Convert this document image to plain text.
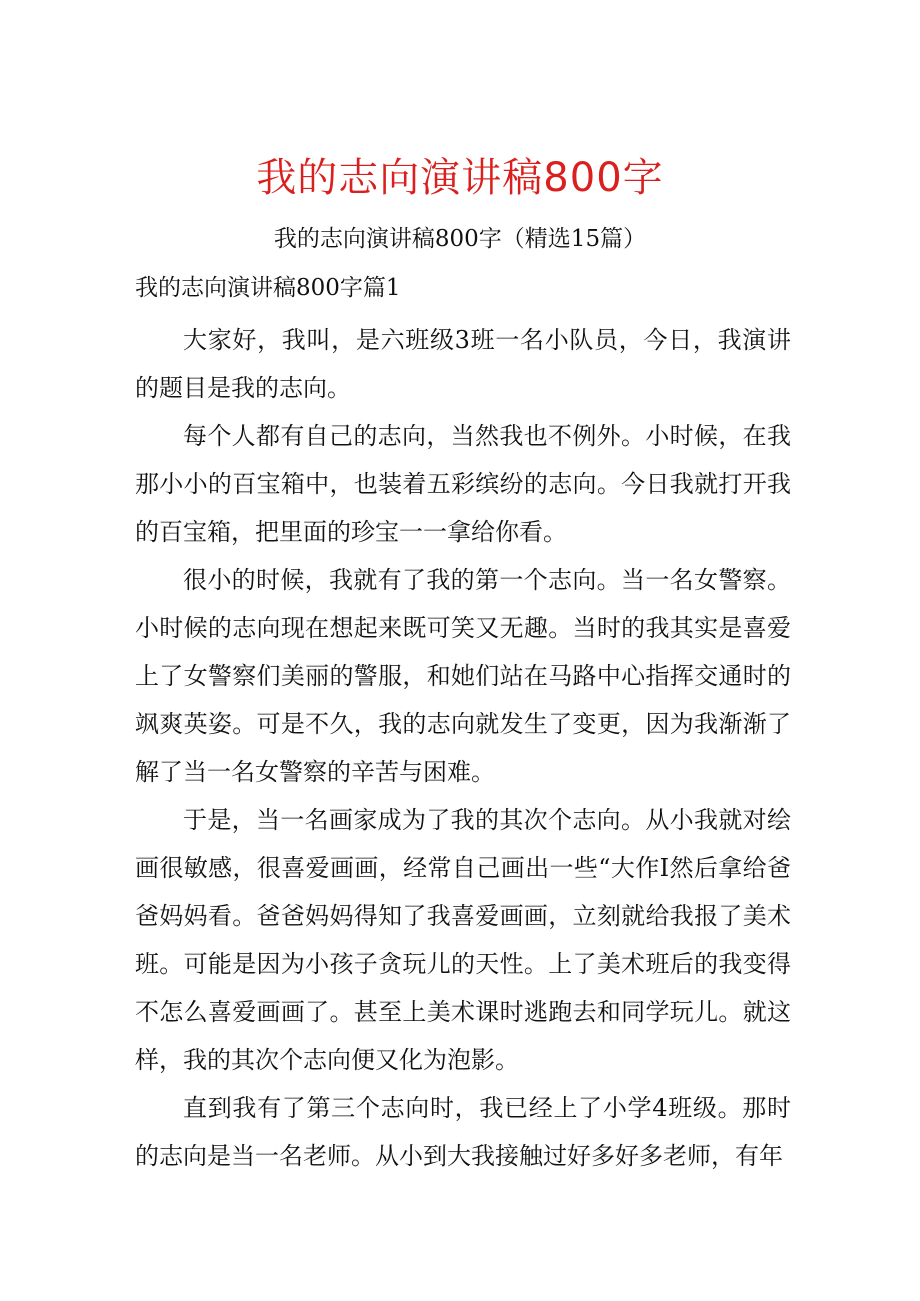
我的志向演讲稿800字
我的志向演讲稿800字（精选15篇）
我的志向演讲稿800字篇1

大家好，我叫，是六班级3班一名小队员，今日，我演讲的题目是我的志向。

每个人都有自己的志向，当然我也不例外。小时候，在我那小小的百宝箱中，也装着五彩缤纷的志向。今日我就打开我的百宝箱，把里面的珍宝一一拿给你看。

很小的时候，我就有了我的第一个志向。当一名女警察。小时候的志向现在想起来既可笑又无趣。当时的我其实是喜爱上了女警察们美丽的警服，和她们站在马路中心指挥交通时的飒爽英姿。可是不久，我的志向就发生了变更，因为我渐渐了解了当一名女警察的辛苦与困难。

于是，当一名画家成为了我的其次个志向。从小我就对绘画很敏感，很喜爱画画，经常自己画出一些“大作I然后拿给爸爸妈妈看。爸爸妈妈得知了我喜爱画画，立刻就给我报了美术班。可能是因为小孩子贪玩儿的天性。上了美术班后的我变得不怎么喜爱画画了。甚至上美术课时逃跑去和同学玩儿。就这样，我的其次个志向便又化为泡影。

直到我有了第三个志向时，我已经上了小学4班级。那时的志向是当一名老师。从小到大我接触过好多好多老师，有年
